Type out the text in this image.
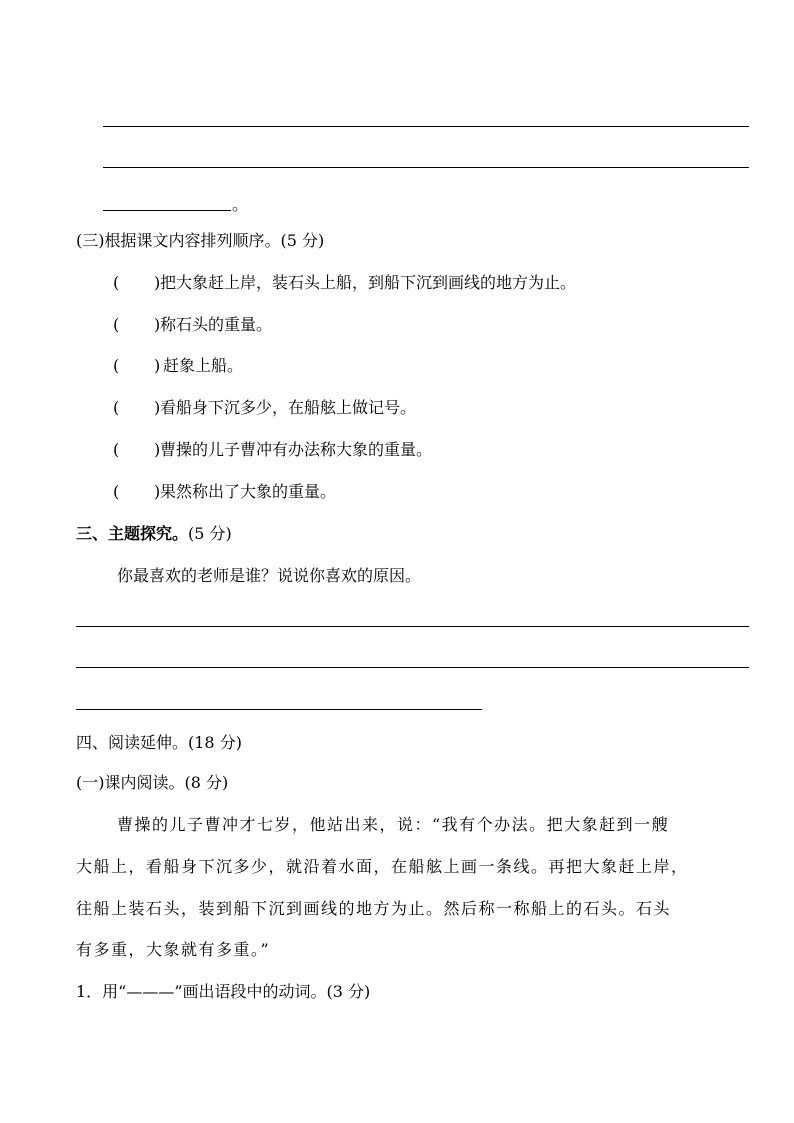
。
(三)根据课文内容排列顺序。(5 分)
( ) 把大象赶上岸，装石头上船，到船下沉到画线的地方为止。
( ) 称石头的重量。
( ) 赶象上船。
( ) 看船身下沉多少，在船舷上做记号。
( ) 曹操的儿子曹冲有办法称大象的重量。
( ) 果然称出了大象的重量。
三、主题探究。(5 分)
你最喜欢的老师是谁？说说你喜欢的原因。
四、阅读延伸。(18 分)
(一)课内阅读。(8 分)
曹操的儿子曹冲才七岁，他站出来，说：“我有个办法。把大象赶到一艘
大船上，看船身下沉多少，就沿着水面，在船舷上画一条线。再把大象赶上岸，
往船上装石头，装到船下沉到画线的地方为止。然后称一称船上的石头。石头
有多重，大象就有多重。”
1．用“———”画出语段中的动词。(3 分)
